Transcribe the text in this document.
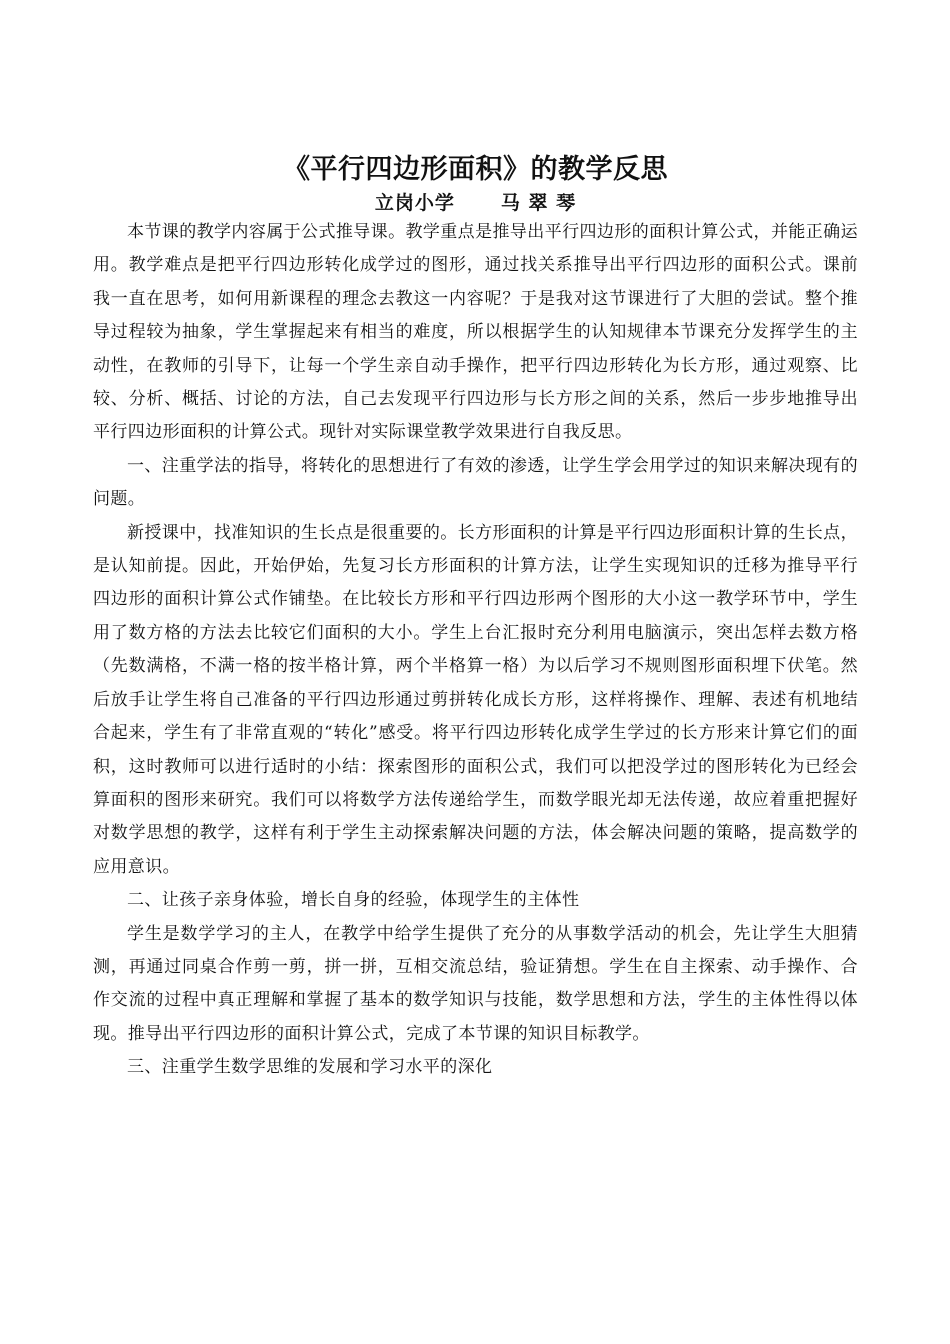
《平行四边形面积》的教学反思
立岗小学 马 翠 琴

本节课的教学内容属于公式推导课。教学重点是推导出平行四边形的面积计算公式，并能正确运用。教学难点是把平行四边形转化成学过的图形，通过找关系推导出平行四边形的面积公式。课前我一直在思考，如何用新课程的理念去教这一内容呢？于是我对这节课进行了大胆的尝试。整个推导过程较为抽象，学生掌握起来有相当的难度，所以根据学生的认知规律本节课充分发挥学生的主动性，在教师的引导下，让每一个学生亲自动手操作，把平行四边形转化为长方形，通过观察、比较、分析、概括、讨论的方法，自己去发现平行四边形与长方形之间的关系，然后一步步地推导出平行四边形面积的计算公式。现针对实际课堂教学效果进行自我反思。

一、注重学法的指导，将转化的思想进行了有效的渗透，让学生学会用学过的知识来解决现有的问题。

新授课中，找准知识的生长点是很重要的。长方形面积的计算是平行四边形面积计算的生长点，是认知前提。因此，开始伊始，先复习长方形面积的计算方法，让学生实现知识的迁移为推导平行四边形的面积计算公式作铺垫。在比较长方形和平行四边形两个图形的大小这一教学环节中，学生用了数方格的方法去比较它们面积的大小。学生上台汇报时充分利用电脑演示，突出怎样去数方格（先数满格，不满一格的按半格计算，两个半格算一格）为以后学习不规则图形面积埋下伏笔。然后放手让学生将自己准备的平行四边形通过剪拼转化成长方形，这样将操作、理解、表述有机地结合起来，学生有了非常直观的“转化”感受。将平行四边形转化成学生学过的长方形来计算它们的面积，这时教师可以进行适时的小结：探索图形的面积公式，我们可以把没学过的图形转化为已经会算面积的图形来研究。我们可以将数学方法传递给学生，而数学眼光却无法传递，故应着重把握好对数学思想的教学，这样有利于学生主动探索解决问题的方法，体会解决问题的策略，提高数学的应用意识。

二、让孩子亲身体验，增长自身的经验，体现学生的主体性

学生是数学学习的主人，在教学中给学生提供了充分的从事数学活动的机会，先让学生大胆猜测，再通过同桌合作剪一剪，拼一拼，互相交流总结，验证猜想。学生在自主探索、动手操作、合作交流的过程中真正理解和掌握了基本的数学知识与技能，数学思想和方法，学生的主体性得以体现。推导出平行四边形的面积计算公式，完成了本节课的知识目标教学。

三、注重学生数学思维的发展和学习水平的深化
